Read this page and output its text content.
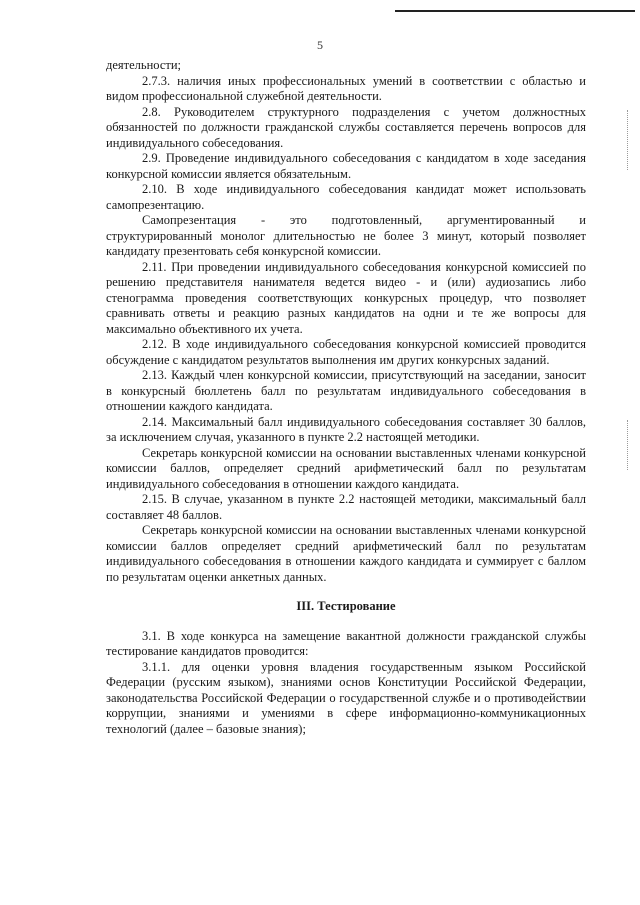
5

деятельности;

2.7.3. наличия иных профессиональных умений в соответствии с областью и видом профессиональной служебной деятельности.

2.8. Руководителем структурного подразделения с учетом должностных обязанностей по должности гражданской службы составляется перечень вопросов для индивидуального собеседования.

2.9. Проведение индивидуального собеседования с кандидатом в ходе заседания конкурсной комиссии является обязательным.

2.10. В ходе индивидуального собеседования кандидат может использовать самопрезентацию.

Самопрезентация - это подготовленный, аргументированный и структурированный монолог длительностью не более 3 минут, который позволяет кандидату презентовать себя конкурсной комиссии.

2.11. При проведении индивидуального собеседования конкурсной комиссией по решению представителя нанимателя ведется видео - и (или) аудиозапись либо стенограмма проведения соответствующих конкурсных процедур, что позволяет сравнивать ответы и реакцию разных кандидатов на одни и те же вопросы для максимально объективного их учета.

2.12. В ходе индивидуального собеседования конкурсной комиссией проводится обсуждение с кандидатом результатов выполнения им других конкурсных заданий.

2.13. Каждый член конкурсной комиссии, присутствующий на заседании, заносит в конкурсный бюллетень балл по результатам индивидуального собеседования в отношении каждого кандидата.

2.14. Максимальный балл индивидуального собеседования составляет 30 баллов, за исключением случая, указанного в пункте 2.2 настоящей методики.

Секретарь конкурсной комиссии на основании выставленных членами конкурсной комиссии баллов, определяет средний арифметический балл по результатам индивидуального собеседования в отношении каждого кандидата.

2.15. В случае, указанном в пункте 2.2 настоящей методики, максимальный балл составляет 48 баллов.

Секретарь конкурсной комиссии на основании выставленных членами конкурсной комиссии баллов определяет средний арифметический балл по результатам индивидуального собеседования в отношении каждого кандидата и суммирует с баллом по результатам оценки анкетных данных.

III. Тестирование

3.1. В ходе конкурса на замещение вакантной должности гражданской службы тестирование кандидатов проводится:

3.1.1. для оценки уровня владения государственным языком Российской Федерации (русским языком), знаниями основ Конституции Российской Федерации, законодательства Российской Федерации о государственной службе и о противодействии коррупции, знаниями и умениями в сфере информационно-коммуникационных технологий (далее – базовые знания);
